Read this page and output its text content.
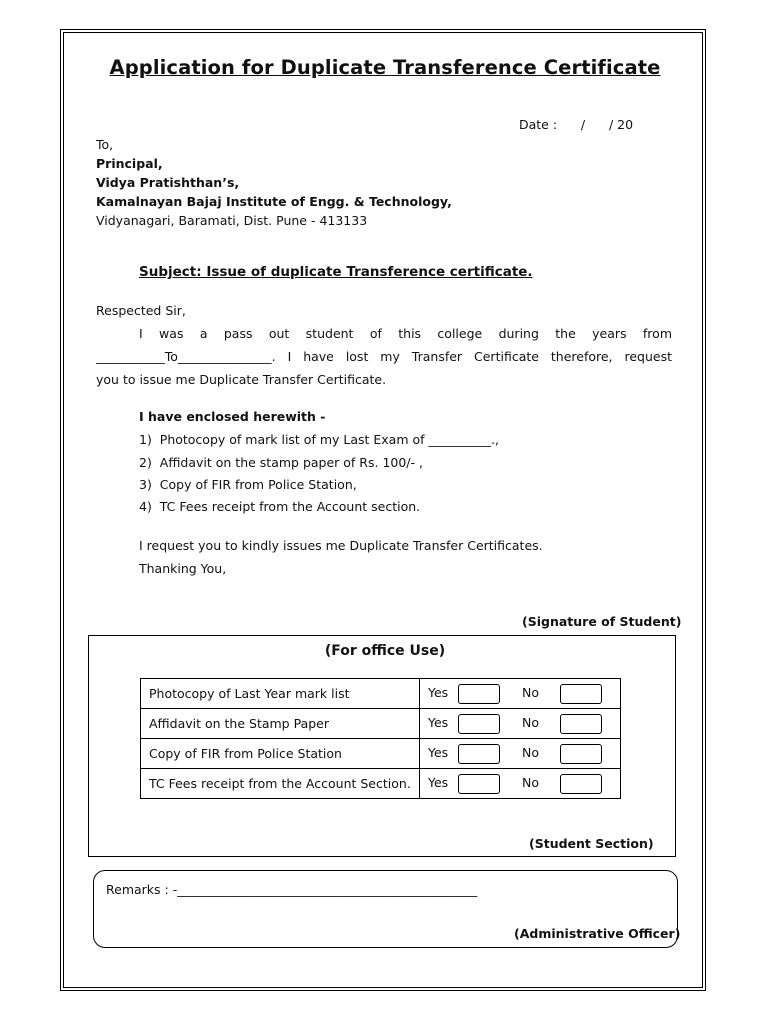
Application for Duplicate Transference Certificate
Date :      /      / 20
To,
Principal,
Vidya Pratishthan’s,
Kamalnayan Bajaj Institute of Engg. & Technology,
Vidyanagari, Baramati, Dist. Pune - 413133
Subject: Issue of duplicate Transference certificate.
Respected Sir,
I was a pass out student of this college during the years from
___________To_______________. I have lost my Transfer Certificate therefore, request
you to issue me Duplicate Transfer Certificate.
I have enclosed herewith -
1)  Photocopy of mark list of my Last Exam of __________.,
2)  Affidavit on the stamp paper of Rs. 100/- ,
3)  Copy of FIR from Police Station,
4)  TC Fees receipt from the Account section.
I request you to kindly issues me Duplicate Transfer Certificates.
Thanking You,
(Signature of Student)
(For office Use)
Photocopy of Last Year mark list	Yes No
Affidavit on the Stamp Paper	Yes No
Copy of FIR from Police Station	Yes No
TC Fees receipt from the Account Section.	Yes No
(Student Section)
Remarks : -________________________________________________
(Administrative Officer)
